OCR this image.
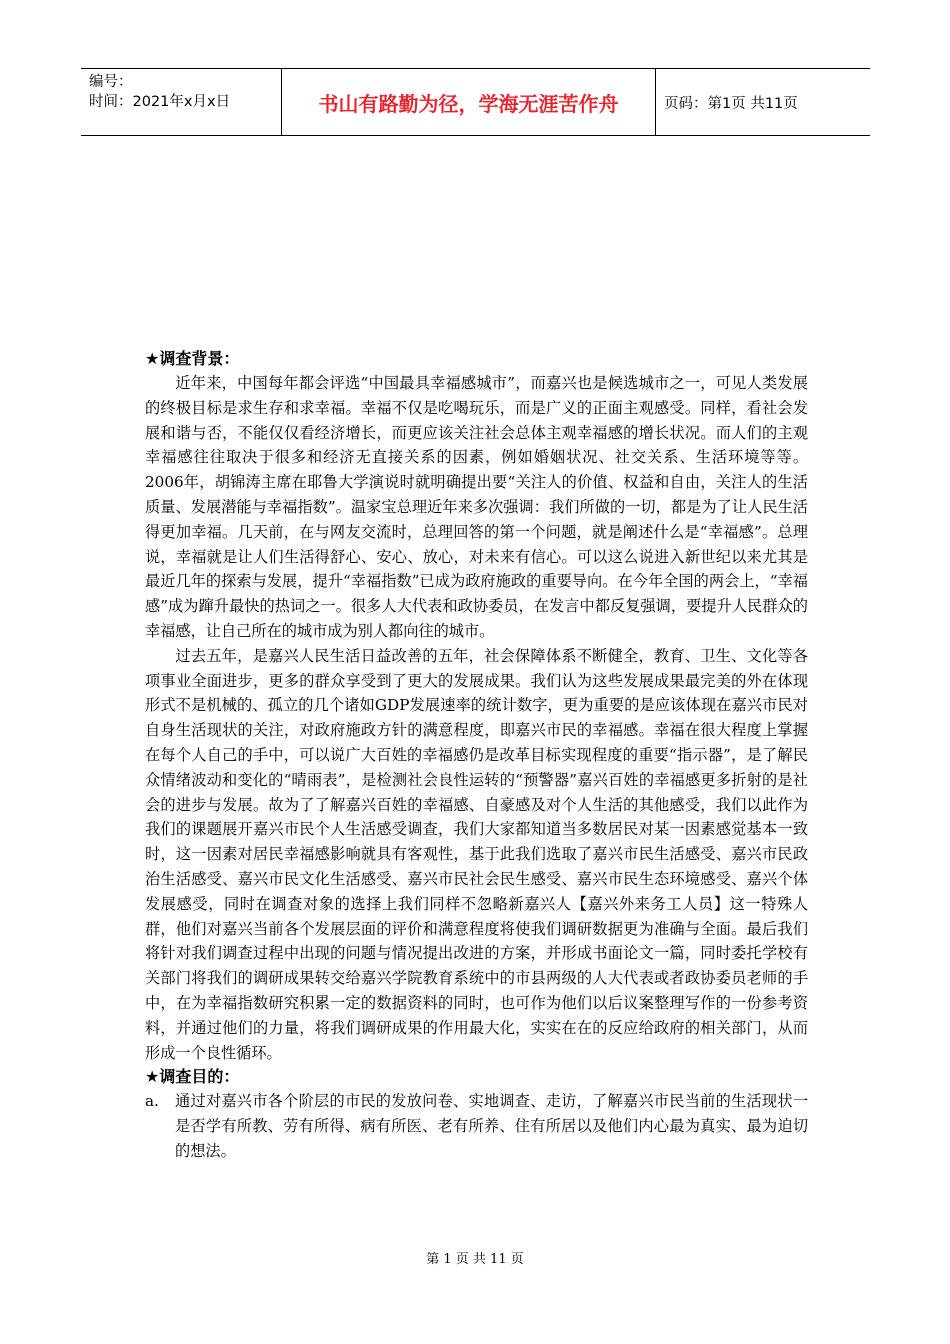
编号：
时间：2021年x月x日	书山有路勤为径，学海无涯苦作舟	页码：第1页 共11页
★调查背景：

近年来，中国每年都会评选“中国最具幸福感城市”，而嘉兴也是候选城市之一，可见人类发展的终极目标是求生存和求幸福。幸福不仅是吃喝玩乐，而是广义的正面主观感受。同样，看社会发展和谐与否，不能仅仅看经济增长，而更应该关注社会总体主观幸福感的增长状况。而人们的主观幸福感往往取决于很多和经济无直接关系的因素，例如婚姻状况、社交关系、生活环境等等。 2006年，胡锦涛主席在耶鲁大学演说时就明确提出要“关注人的价值、权益和自由，关注人的生活质量、发展潜能与幸福指数”。温家宝总理近年来多次强调：我们所做的一切，都是为了让人民生活得更加幸福。几天前，在与网友交流时，总理回答的第一个问题，就是阐述什么是“幸福感”。总理说，幸福就是让人们生活得舒心、安心、放心，对未来有信心。可以这么说进入新世纪以来尤其是最近几年的探索与发展，提升“幸福指数”已成为政府施政的重要导向。在今年全国的两会上，“幸福感”成为蹿升最快的热词之一。很多人大代表和政协委员，在发言中都反复强调，要提升人民群众的幸福感，让自己所在的城市成为别人都向往的城市。

过去五年，是嘉兴人民生活日益改善的五年，社会保障体系不断健全，教育、卫生、文化等各项事业全面进步，更多的群众享受到了更大的发展成果。我们认为这些发展成果最完美的外在体现形式不是机械的、孤立的几个诸如GDP发展速率的统计数字，更为重要的是应该体现在嘉兴市民对自身生活现状的关注，对政府施政方针的满意程度，即嘉兴市民的幸福感。幸福在很大程度上掌握在每个人自己的手中，可以说广大百姓的幸福感仍是改革目标实现程度的重要“指示器”，是了解民众情绪波动和变化的“晴雨表”，是检测社会良性运转的“预警器”嘉兴百姓的幸福感更多折射的是社会的进步与发展。故为了了解嘉兴百姓的幸福感、自豪感及对个人生活的其他感受，我们以此作为我们的课题展开嘉兴市民个人生活感受调查，我们大家都知道当多数居民对某一因素感觉基本一致时，这一因素对居民幸福感影响就具有客观性，基于此我们选取了嘉兴市民生活感受、嘉兴市民政治生活感受、嘉兴市民文化生活感受、嘉兴市民社会民生感受、嘉兴市民生态环境感受、嘉兴个体发展感受，同时在调查对象的选择上我们同样不忽略新嘉兴人【嘉兴外来务工人员】这一特殊人群，他们对嘉兴当前各个发展层面的评价和满意程度将使我们调研数据更为准确与全面。最后我们将针对我们调查过程中出现的问题与情况提出改进的方案，并形成书面论文一篇，同时委托学校有关部门将我们的调研成果转交给嘉兴学院教育系统中的市县两级的人大代表或者政协委员老师的手中，在为幸福指数研究积累一定的数据资料的同时，也可作为他们以后议案整理写作的一份参考资料，并通过他们的力量，将我们调研成果的作用最大化，实实在在的反应给政府的相关部门，从而形成一个良性循环。

★调查目的：
a.	通过对嘉兴市各个阶层的市民的发放问卷、实地调查、走访，了解嘉兴市民当前的生活现状一是否学有所教、劳有所得、病有所医、老有所养、住有所居以及他们内心最为真实、最为迫切的想法。
第 1 页 共 11 页
